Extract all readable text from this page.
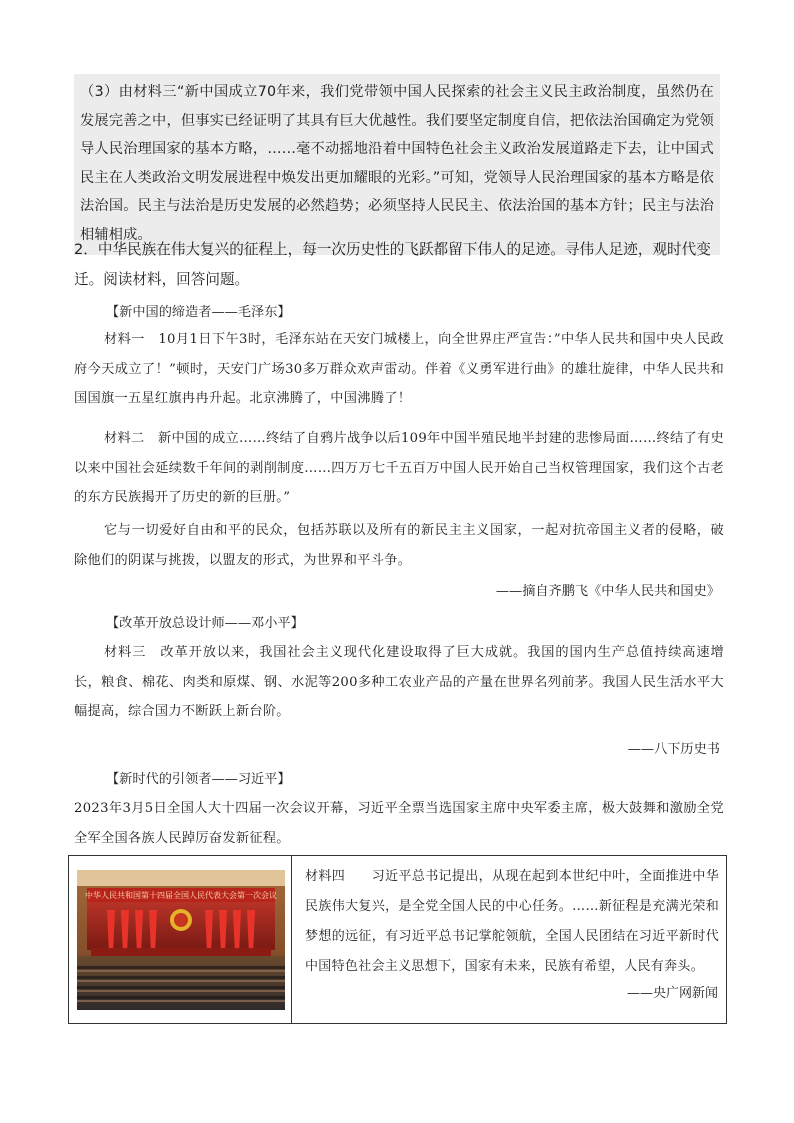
（3）由材料三“新中国成立70年来，我们党带领中国人民探索的社会主义民主政治制度，虽然仍在发展完善之中，但事实已经证明了其具有巨大优越性。我们要坚定制度自信，把依法治国确定为党领导人民治理国家的基本方略，……毫不动摇地沿着中国特色社会主义政治发展道路走下去，让中国式民主在人类政治文明发展进程中焕发出更加耀眼的光彩。”可知，党领导人民治理国家的基本方略是依法治国。民主与法治是历史发展的必然趋势；必须坚持人民民主、依法治国的基本方针；民主与法治相辅相成。

2．中华民族在伟大复兴的征程上，每一次历史性的飞跃都留下伟人的足迹。寻伟人足迹，观时代变迁。阅读材料，回答问题。

【新中国的缔造者——毛泽东】

材料一　10月1日下午3时，毛泽东站在天安门城楼上，向全世界庄严宣告：”中华人民共和国中央人民政府今天成立了！”顿时，天安门广场30多万群众欢声雷动。伴着《义勇军进行曲》的雄壮旋律，中华人民共和国国旗一五星红旗冉冉升起。北京沸腾了，中国沸腾了！

材料二　新中国的成立……终结了自鸦片战争以后109年中国半殖民地半封建的悲惨局面……终结了有史以来中国社会延续数千年间的剥削制度……四万万七千五百万中国人民开始自己当权管理国家，我们这个古老的东方民族揭开了历史的新的巨册。”

它与一切爱好自由和平的民众，包括苏联以及所有的新民主主义国家，一起对抗帝国主义者的侵略，破除他们的阴谋与挑拨，以盟友的形式，为世界和平斗争。

——摘自齐鹏飞《中华人民共和国史》
【改革开放总设计师——邓小平】

材料三　改革开放以来，我国社会主义现代化建设取得了巨大成就。我国的国内生产总值持续高速增长，粮食、棉花、肉类和原煤、钢、水泥等200多种工农业产品的产量在世界名列前茅。我国人民生活水平大幅提高，综合国力不断跃上新台阶。

——八下历史书
【新时代的引领者——习近平】

2023年3月5日全国人大十四届一次会议开幕，习近平全票当选国家主席中央军委主席，极大鼓舞和激励全党全军全国各族人民踔厉奋发新征程。

中华人民共和国第十四届全国人民代表大会第一次会议

材料四　　习近平总书记提出，从现在起到本世纪中叶，全面推进中华民族伟大复兴，是全党全国人民的中心任务。……新征程是充满光荣和梦想的远征，有习近平总书记掌舵领航，全国人民团结在习近平新时代中国特色社会主义思想下，国家有未来，民族有希望，人民有奔头。

——央广网新闻
